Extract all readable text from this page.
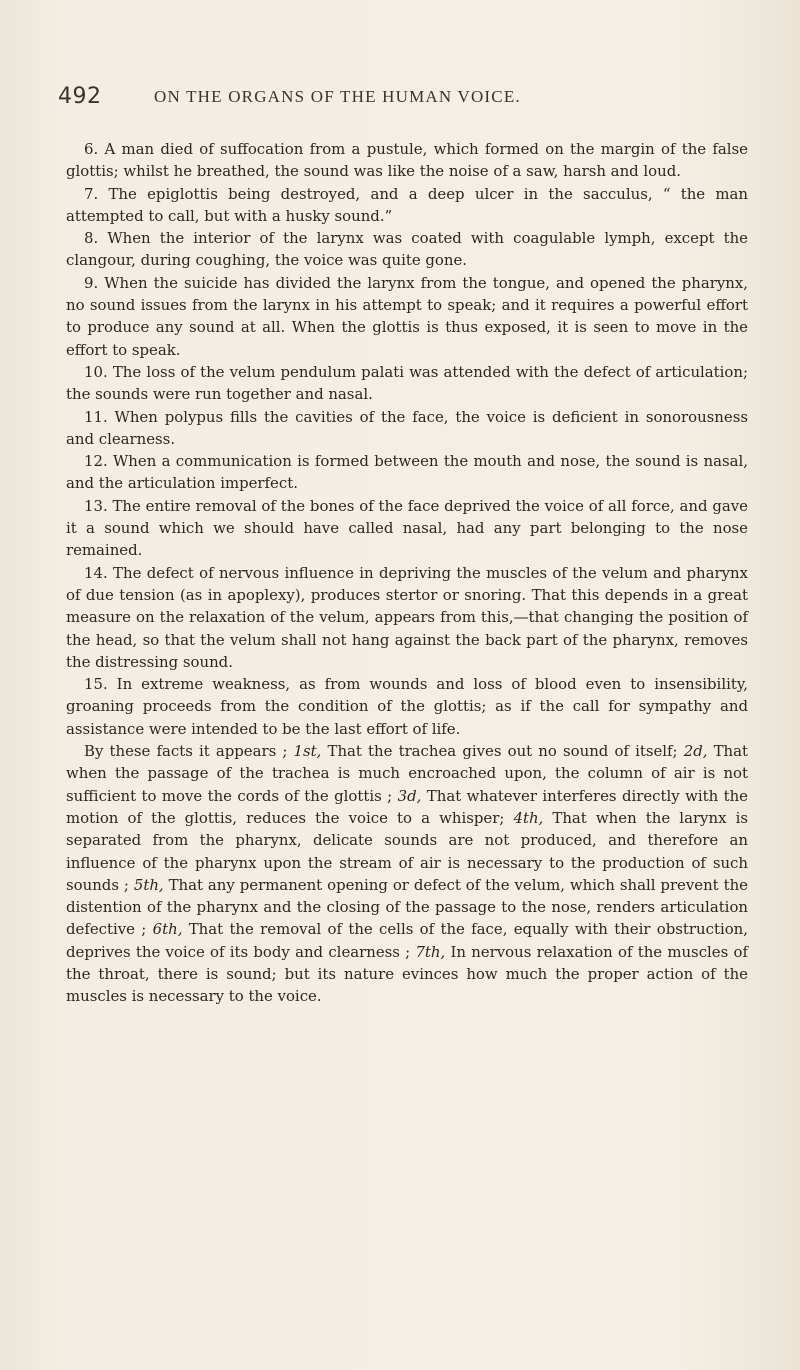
492	ON THE ORGANS OF THE HUMAN VOICE.

6. A man died of suffocation from a pustule, which formed on the margin of the false glottis; whilst he breathed, the sound was like the noise of a saw, harsh and loud.

7. The epiglottis being destroyed, and a deep ulcer in the sacculus, “ the man attempted to call, but with a husky sound.”

8. When the interior of the larynx was coated with coagulable lymph, except the clangour, during coughing, the voice was quite gone.

9. When the suicide has divided the larynx from the tongue, and opened the pharynx, no sound issues from the larynx in his attempt to speak; and it requires a powerful effort to produce any sound at all. When the glottis is thus exposed, it is seen to move in the effort to speak.

10. The loss of the velum pendulum palati was attended with the defect of articulation; the sounds were run together and nasal.

11. When polypus fills the cavities of the face, the voice is deficient in sonorousness and clearness.

12. When a communication is formed between the mouth and nose, the sound is nasal, and the articulation imperfect.

13. The entire removal of the bones of the face deprived the voice of all force, and gave it a sound which we should have called nasal, had any part belonging to the nose remained.

14. The defect of nervous influence in depriving the muscles of the velum and pharynx of due tension (as in apoplexy), produces stertor or snoring. That this depends in a great measure on the relaxation of the velum, appears from this,—that changing the position of the head, so that the velum shall not hang against the back part of the pharynx, removes the distressing sound.

15. In extreme weakness, as from wounds and loss of blood even to insensibility, groaning proceeds from the condition of the glottis; as if the call for sympathy and assistance were intended to be the last effort of life.

By these facts it appears ; 1st, That the trachea gives out no sound of itself; 2d, That when the passage of the trachea is much encroached upon, the column of air is not sufficient to move the cords of the glottis ; 3d, That whatever interferes directly with the motion of the glottis, reduces the voice to a whisper; 4th, That when the larynx is separated from the pharynx, delicate sounds are not produced, and therefore an influence of the pharynx upon the stream of air is necessary to the production of such sounds ; 5th, That any permanent opening or defect of the velum, which shall prevent the distention of the pharynx and the closing of the passage to the nose, renders articulation defective ; 6th, That the removal of the cells of the face, equally with their obstruction, deprives the voice of its body and clearness ; 7th, In nervous relaxation of the muscles of the throat, there is sound; but its nature evinces how much the proper action of the muscles is necessary to the voice.
